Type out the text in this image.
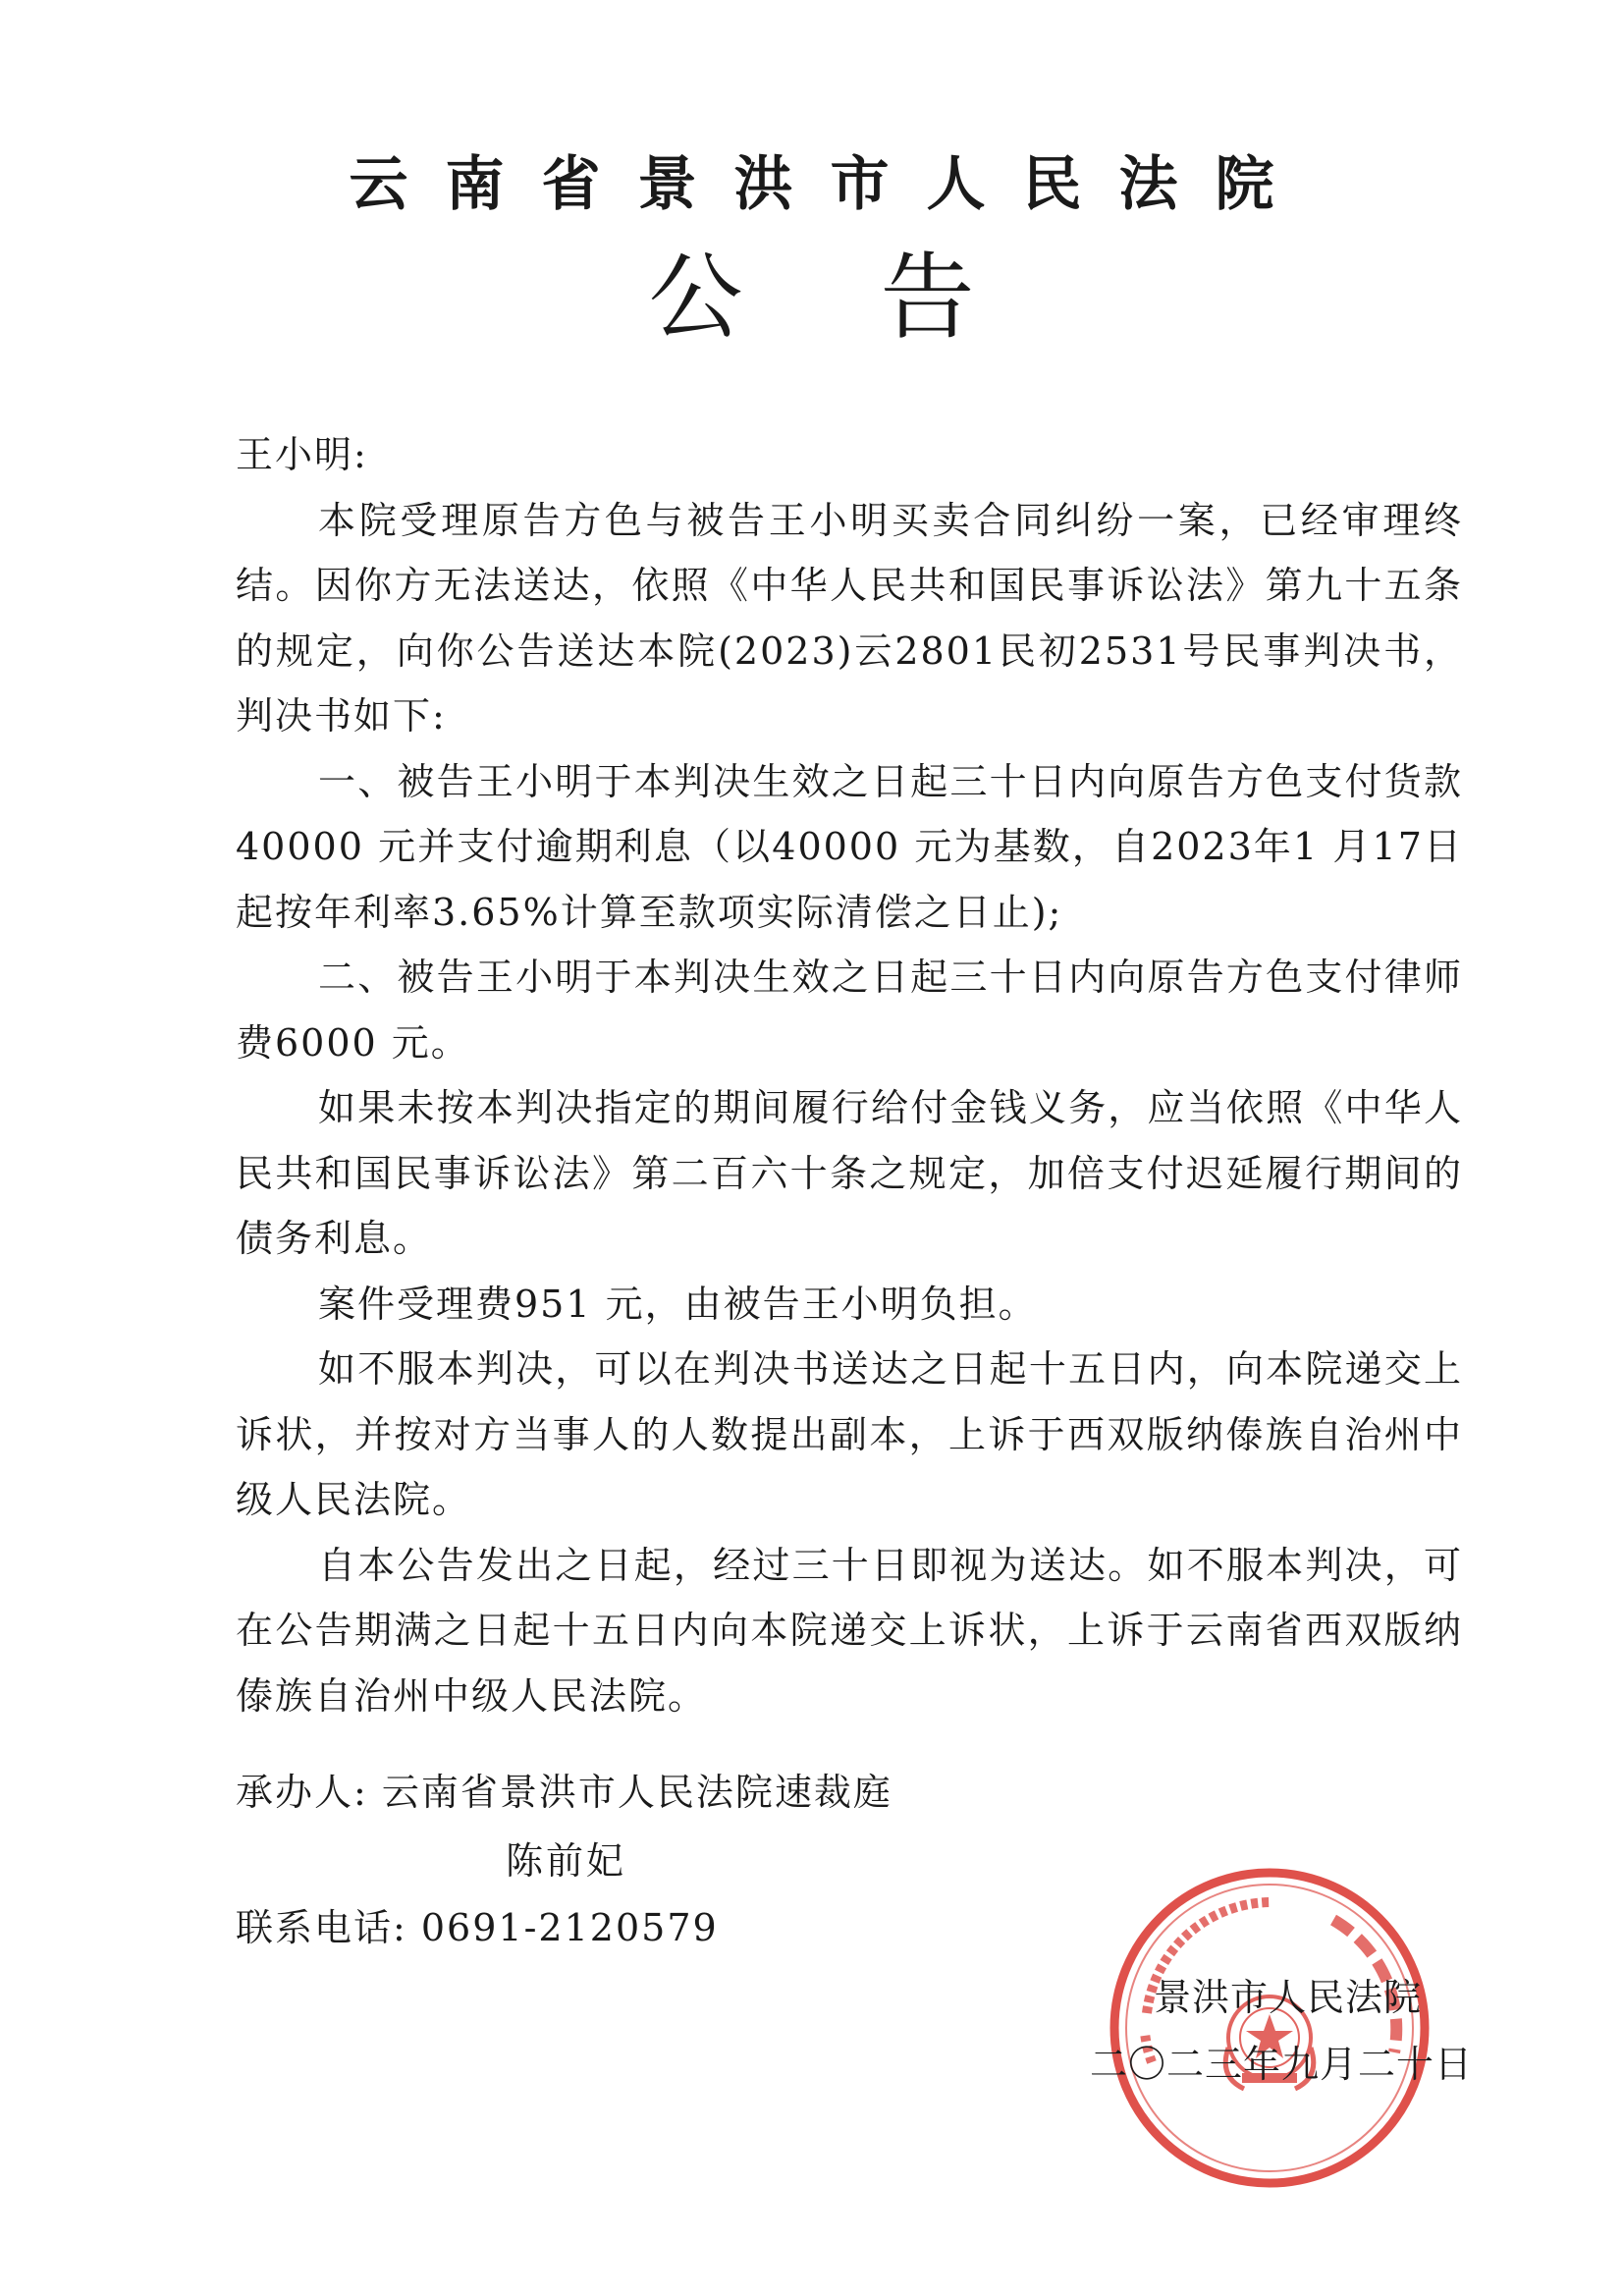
云南省景洪市人民法院
公告

王小明:

本院受理原告方色与被告王小明买卖合同纠纷一案，已经审理终结。因你方无法送达，依照《中华人民共和国民事诉讼法》第九十五条的规定，向你公告送达本院(2023)云2801民初2531号民事判决书，判决书如下:

一、被告王小明于本判决生效之日起三十日内向原告方色支付货款40000 元并支付逾期利息（以40000 元为基数，自2023年1 月17日起按年利率3.65%计算至款项实际清偿之日止);

二、被告王小明于本判决生效之日起三十日内向原告方色支付律师费6000 元。

如果未按本判决指定的期间履行给付金钱义务，应当依照《中华人民共和国民事诉讼法》第二百六十条之规定，加倍支付迟延履行期间的债务利息。

案件受理费951 元，由被告王小明负担。

如不服本判决，可以在判决书送达之日起十五日内，向本院递交上诉状，并按对方当事人的人数提出副本，上诉于西双版纳傣族自治州中级人民法院。

自本公告发出之日起，经过三十日即视为送达。如不服本判决，可在公告期满之日起十五日内向本院递交上诉状，上诉于云南省西双版纳傣族自治州中级人民法院。

承办人: 云南省景洪市人民法院速裁庭
陈前妃
联系电话: 0691-2120579
景洪市人民法院
二〇二三年九月二十日
